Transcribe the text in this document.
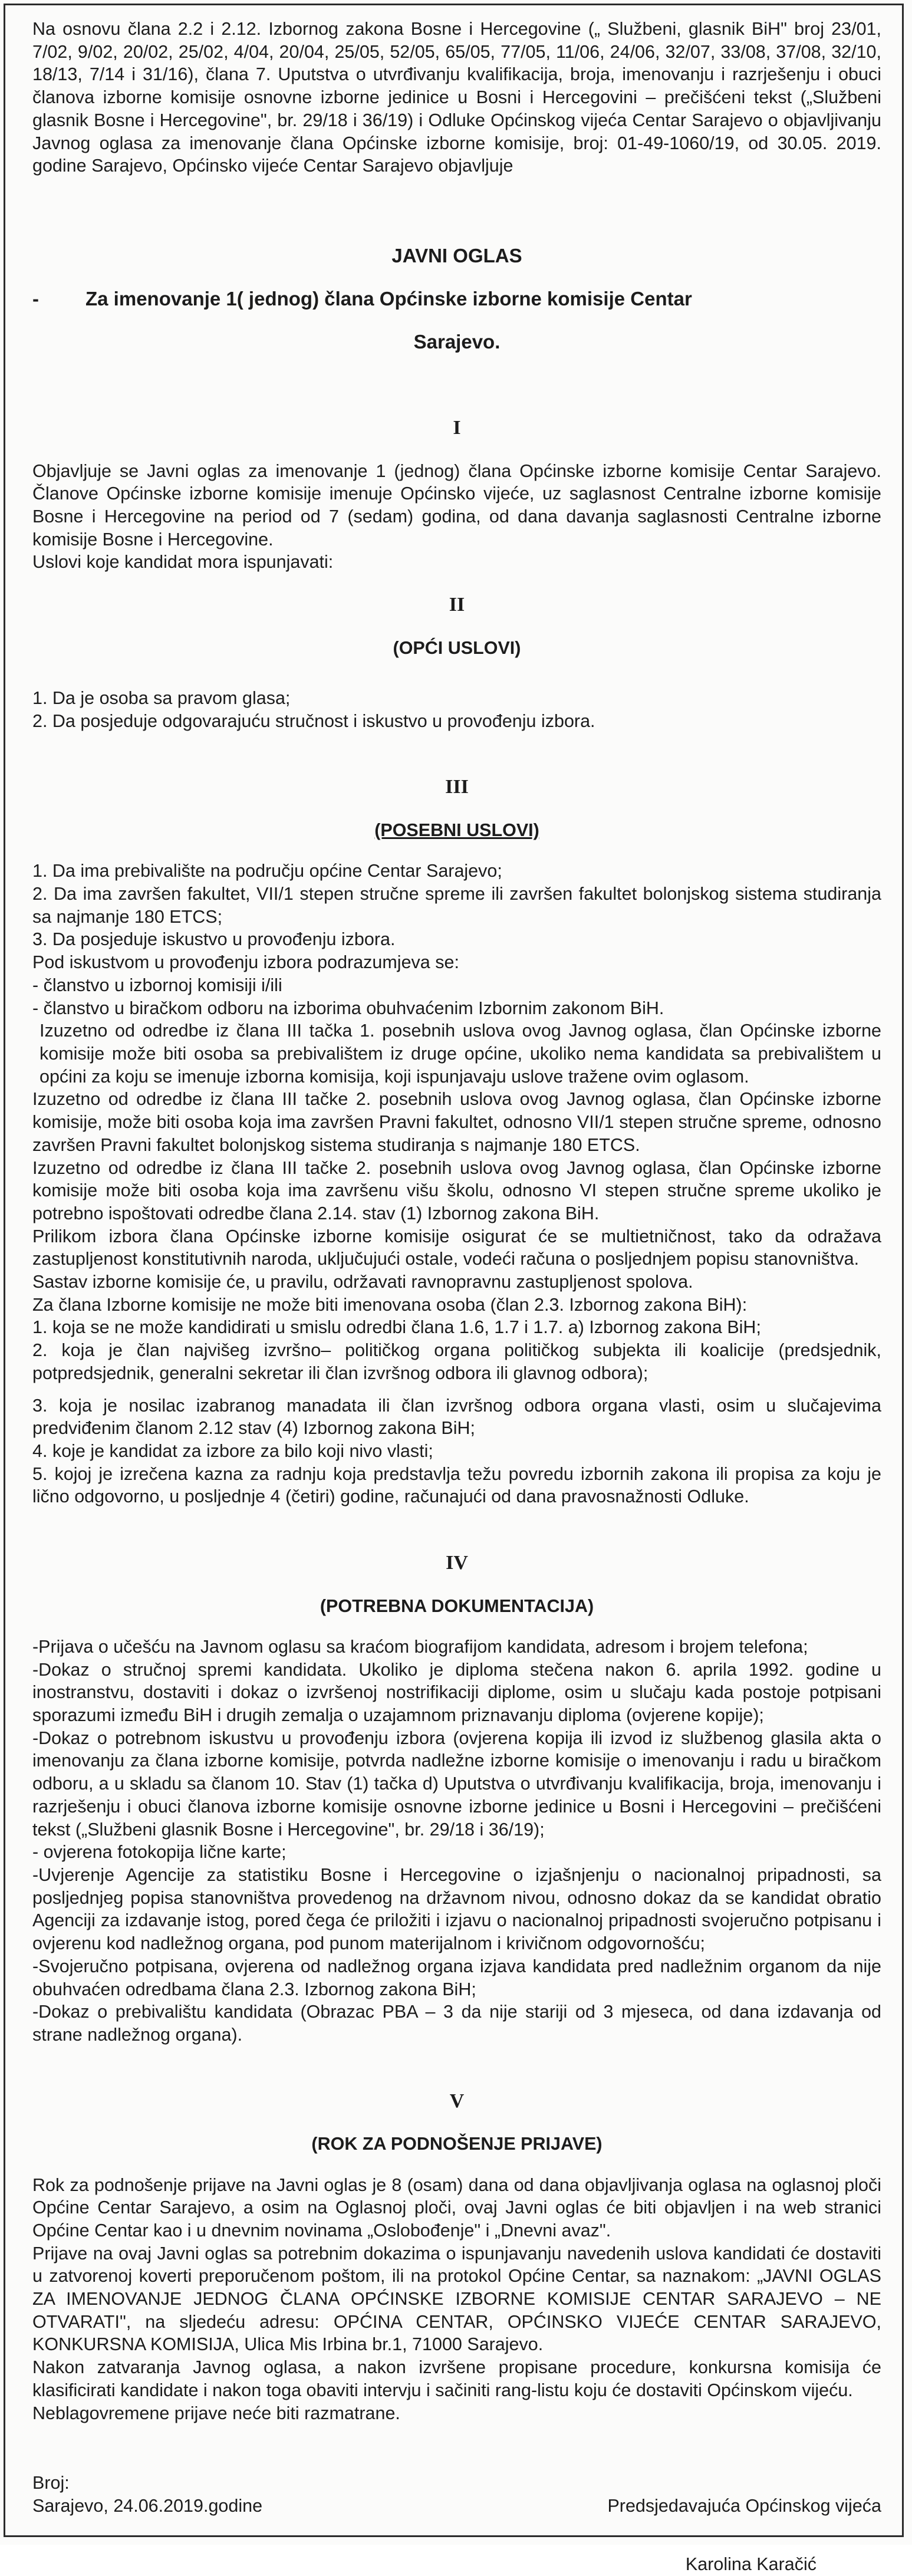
Na osnovu člana 2.2 i 2.12. Izbornog zakona Bosne i Hercegovine („ Službeni, glasnik BiH" broj 23/01, 7/02, 9/02, 20/02, 25/02, 4/04, 20/04, 25/05, 52/05, 65/05, 77/05, 11/06, 24/06, 32/07, 33/08, 37/08, 32/10, 18/13, 7/14 i 31/16), člana 7. Uputstva o utvrđivanju kvalifikacija, broja, imenovanju i razrješenju i obuci članova izborne komisije osnovne izborne jedinice u Bosni i Hercegovini – prečišćeni tekst („Službeni glasnik Bosne i Hercegovine", br. 29/18 i 36/19) i Odluke Općinskog vijeća Centar Sarajevo o objavljivanju Javnog oglasa za imenovanje člana Općinske izborne komisije, broj: 01-49-1060/19, od 30.05. 2019. godine Sarajevo, Općinsko vijeće Centar Sarajevo objavljuje

JAVNI OGLAS

- Za imenovanje 1( jednog) člana Općinske izborne komisije Centar

Sarajevo.

I

Objavljuje se Javni oglas za imenovanje 1 (jednog) člana Općinske izborne komisije Centar Sarajevo. Članove Općinske izborne komisije imenuje Općinsko vijeće, uz saglasnost Centralne izborne komisije Bosne i Hercegovine na period od 7 (sedam) godina, od dana davanja saglasnosti Centralne izborne komisije Bosne i Hercegovine.

Uslovi koje kandidat mora ispunjavati:

II

(OPĆI USLOVI)

1. Da je osoba sa pravom glasa;

2. Da posjeduje odgovarajuću stručnost i iskustvo u provođenju izbora.

III

(POSEBNI USLOVI)

1. Da ima prebivalište na području općine Centar Sarajevo;

2. Da ima završen fakultet, VII/1 stepen stručne spreme ili završen fakultet bolonjskog sistema studiranja sa najmanje 180 ETCS;

3. Da posjeduje iskustvo u provođenju izbora.

Pod iskustvom u provođenju izbora podrazumjeva se:

- članstvo u izbornoj komisiji i/ili

- članstvo u biračkom odboru na izborima obuhvaćenim Izbornim zakonom BiH.

Izuzetno od odredbe iz člana III tačka 1. posebnih uslova ovog Javnog oglasa, član Općinske izborne komisije može biti osoba sa prebivalištem iz druge općine, ukoliko nema kandidata sa prebivalištem u općini za koju se imenuje izborna komisija, koji ispunjavaju uslove tražene ovim oglasom.

Izuzetno od odredbe iz člana III tačke 2. posebnih uslova ovog Javnog oglasa, član Općinske izborne komisije, može biti osoba koja ima završen Pravni fakultet, odnosno VII/1 stepen stručne spreme, odnosno završen Pravni fakultet bolonjskog sistema studiranja s najmanje 180 ETCS.

Izuzetno od odredbe iz člana III tačke 2. posebnih uslova ovog Javnog oglasa, član Općinske izborne komisije može biti osoba koja ima završenu višu školu, odnosno VI stepen stručne spreme ukoliko je potrebno ispoštovati odredbe člana 2.14. stav (1) Izbornog zakona BiH.

Prilikom izbora člana Općinske izborne komisije osigurat će se multietničnost, tako da odražava zastupljenost konstitutivnih naroda, uključujući ostale, vodeći računa o posljednjem popisu stanovništva.

Sastav izborne komisije će, u pravilu, održavati ravnopravnu zastupljenost spolova.

Za člana Izborne komisije ne može biti imenovana osoba (član 2.3. Izbornog zakona BiH):

1. koja se ne može kandidirati u smislu odredbi člana 1.6, 1.7 i 1.7. a) Izbornog zakona BiH;

2. koja je član najvišeg izvršno– političkog organa političkog subjekta ili koalicije (predsjednik, potpredsjednik, generalni sekretar ili član izvršnog odbora ili glavnog odbora);

3. koja je nosilac izabranog manadata ili član izvršnog odbora organa vlasti, osim u slučajevima predviđenim članom 2.12 stav (4) Izbornog zakona BiH;

4. koje je kandidat za izbore za bilo koji nivo vlasti;

5. kojoj je izrečena kazna za radnju koja predstavlja težu povredu izbornih zakona ili propisa za koju je lično odgovorno, u posljednje 4 (četiri) godine, računajući od dana pravosnažnosti Odluke.

IV

(POTREBNA DOKUMENTACIJA)

-Prijava o učešću na Javnom oglasu sa kraćom biografijom kandidata, adresom i brojem telefona;

-Dokaz o stručnoj spremi kandidata. Ukoliko je diploma stečena nakon 6. aprila 1992. godine u inostranstvu, dostaviti i dokaz o izvršenoj nostrifikaciji diplome, osim u slučaju kada postoje potpisani sporazumi između BiH i drugih zemalja o uzajamnom priznavanju diploma (ovjerene kopije);

-Dokaz o potrebnom iskustvu u provođenju izbora (ovjerena kopija ili izvod iz službenog glasila akta o imenovanju za člana izborne komisije, potvrda nadležne izborne komisije o imenovanju i radu u biračkom odboru, a u skladu sa članom 10. Stav (1) tačka d) Uputstva o utvrđivanju kvalifikacija, broja, imenovanju i razrješenju i obuci članova izborne komisije osnovne izborne jedinice u Bosni i Hercegovini – prečišćeni tekst („Službeni glasnik Bosne i Hercegovine", br. 29/18 i 36/19);

- ovjerena fotokopija lične karte;

-Uvjerenje Agencije za statistiku Bosne i Hercegovine o izjašnjenju o nacionalnoj pripadnosti, sa posljednjeg popisa stanovništva provedenog na državnom nivou, odnosno dokaz da se kandidat obratio Agenciji za izdavanje istog, pored čega će priložiti i izjavu o nacionalnoj pripadnosti svojeručno potpisanu i ovjerenu kod nadležnog organa, pod punom materijalnom i krivičnom odgovornošću;

-Svojeručno potpisana, ovjerena od nadležnog organa izjava kandidata pred nadležnim organom da nije obuhvaćen odredbama člana 2.3. Izbornog zakona BiH;

-Dokaz o prebivalištu kandidata (Obrazac PBA – 3 da nije stariji od 3 mjeseca, od dana izdavanja od strane nadležnog organa).

V

(ROK ZA PODNOŠENJE PRIJAVE)

Rok za podnošenje prijave na Javni oglas je 8 (osam) dana od dana objavljivanja oglasa na oglasnoj ploči Općine Centar Sarajevo, a osim na Oglasnoj ploči, ovaj Javni oglas će biti objavljen i na web stranici Općine Centar kao i u dnevnim novinama „Oslobođenje" i „Dnevni avaz".

Prijave na ovaj Javni oglas sa potrebnim dokazima o ispunjavanju navedenih uslova kandidati će dostaviti u zatvorenoj koverti preporučenom poštom, ili na protokol Općine Centar, sa naznakom: „JAVNI OGLAS ZA IMENOVANJE JEDNOG ČLANA OPĆINSKE IZBORNE KOMISIJE CENTAR SARAJEVO – NE OTVARATI", na sljedeću adresu: OPĆINA CENTAR, OPĆINSKO VIJEĆE CENTAR SARAJEVO, KONKURSNA KOMISIJA, Ulica Mis Irbina br.1, 71000 Sarajevo.

Nakon zatvaranja Javnog oglasa, a nakon izvršene propisane procedure, konkursna komisija će klasificirati kandidate i nakon toga obaviti intervju i sačiniti rang-listu koju će dostaviti Općinskom vijeću.

Neblagovremene prijave neće biti razmatrane.

Broj:
Sarajevo, 24.06.2019.godine	Predsjedavajuća Općinskog vijeća
Karolina Karačić
